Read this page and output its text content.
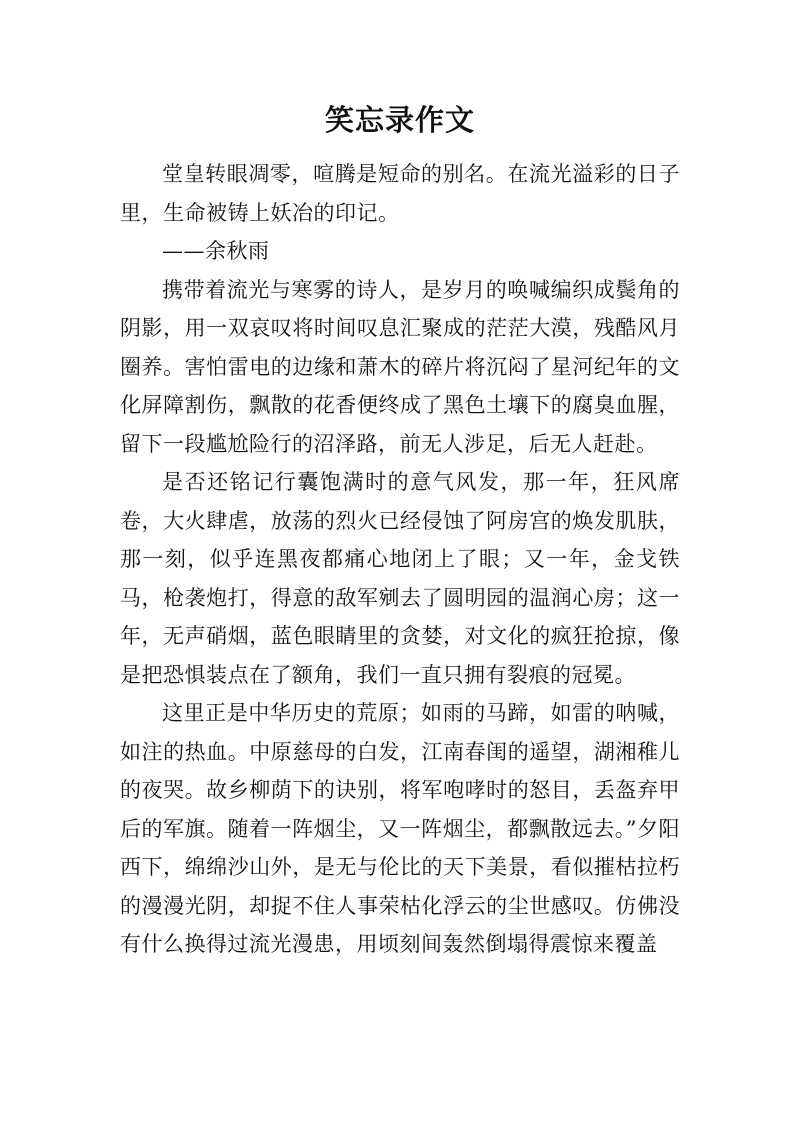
笑忘录作文

堂皇转眼凋零，喧腾是短命的别名。在流光溢彩的日子里，生命被铸上妖冶的印记。

——余秋雨

携带着流光与寒雾的诗人，是岁月的唤喊编织成鬓角的阴影，用一双哀叹将时间叹息汇聚成的茫茫大漠，残酷风月圈养。害怕雷电的边缘和萧木的碎片将沉闷了星河纪年的文化屏障割伤，飘散的花香便终成了黑色土壤下的腐臭血腥，留下一段尴尬险行的沼泽路，前无人涉足，后无人赶赴。

是否还铭记行囊饱满时的意气风发，那一年，狂风席卷，大火肆虐，放荡的烈火已经侵蚀了阿房宫的焕发肌肤，那一刻，似乎连黑夜都痛心地闭上了眼；又一年，金戈铁马，枪袭炮打，得意的敌军剜去了圆明园的温润心房；这一年，无声硝烟，蓝色眼睛里的贪婪，对文化的疯狂抢掠，像是把恐惧装点在了额角，我们一直只拥有裂痕的冠冕。

这里正是中华历史的荒原；如雨的马蹄，如雷的呐喊，如注的热血。中原慈母的白发，江南春闺的遥望，湖湘稚儿的夜哭。故乡柳荫下的诀别，将军咆哮时的怒目，丢盔弃甲后的军旗。随着一阵烟尘，又一阵烟尘，都飘散远去。”夕阳西下，绵绵沙山外，是无与伦比的天下美景，看似摧枯拉朽的漫漫光阴，却捉不住人事荣枯化浮云的尘世感叹。仿佛没有什么换得过流光漫患，用顷刻间轰然倒塌得震惊来覆盖
